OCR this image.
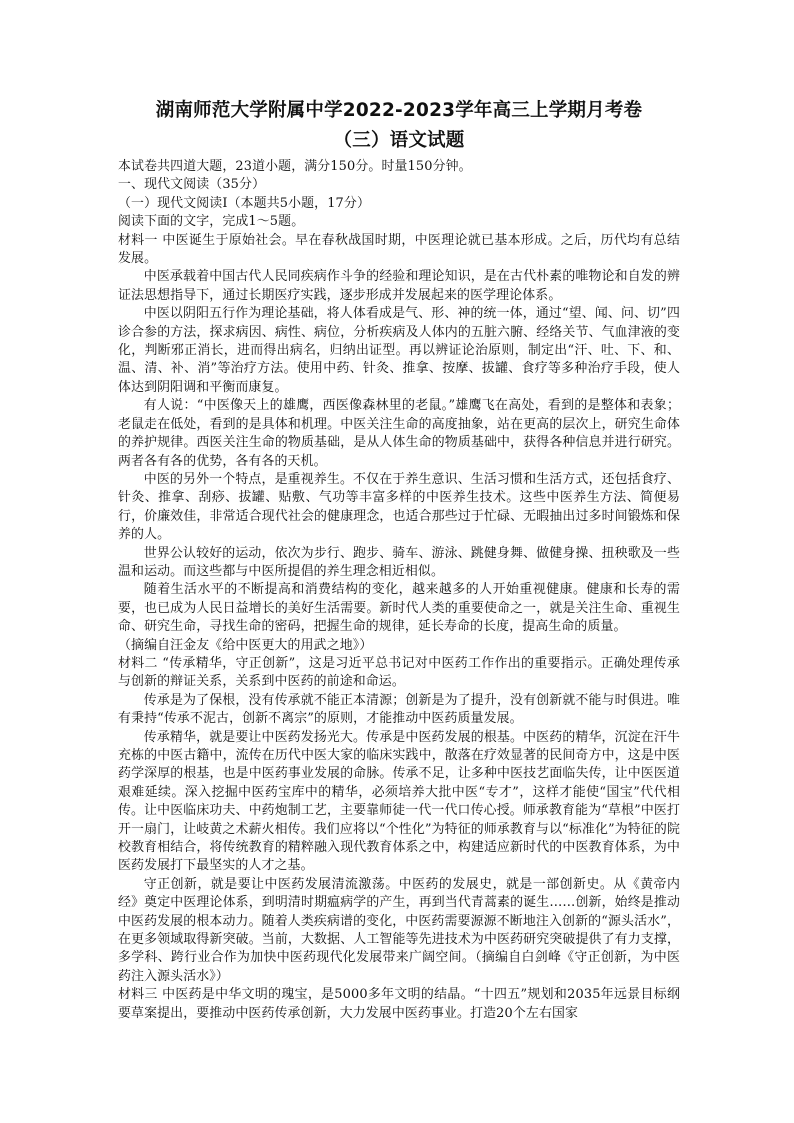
湖南师范大学附属中学2022-2023学年高三上学期月考卷
（三）语文试题

本试卷共四道大题，23道小题，满分150分。时量150分钟。

一、现代文阅读（35分）

（一）现代文阅读Ⅰ（本题共5小题，17分）

阅读下面的文字，完成1～5题。

材料一 中医诞生于原始社会。早在春秋战国时期，中医理论就已基本形成。之后，历代均有总结发展。

中医承载着中国古代人民同疾病作斗争的经验和理论知识，是在古代朴素的唯物论和自发的辨证法思想指导下，通过长期医疗实践，逐步形成并发展起来的医学理论体系。

中医以阴阳五行作为理论基础，将人体看成是气、形、神的统一体，通过“望、闻、问、切”四诊合参的方法，探求病因、病性、病位，分析疾病及人体内的五脏六腑、经络关节、气血津液的变化，判断邪正消长，进而得出病名，归纳出证型。再以辨证论治原则，制定出“汗、吐、下、和、温、清、补、消”等治疗方法。使用中药、针灸、推拿、按摩、拔罐、食疗等多种治疗手段，使人体达到阴阳调和平衡而康复。

有人说：“中医像天上的雄鹰，西医像森林里的老鼠。”雄鹰飞在高处，看到的是整体和表象；老鼠走在低处，看到的是具体和机理。中医关注生命的高度抽象，站在更高的层次上，研究生命体的养护规律。西医关注生命的物质基础，是从人体生命的物质基础中，获得各种信息并进行研究。两者各有各的优势，各有各的天机。

中医的另外一个特点，是重视养生。不仅在于养生意识、生活习惯和生活方式，还包括食疗、针灸、推拿、刮痧、拔罐、贴敷、气功等丰富多样的中医养生技术。这些中医养生方法、简便易行，价廉效佳，非常适合现代社会的健康理念，也适合那些过于忙碌、无暇抽出过多时间锻炼和保养的人。

世界公认较好的运动，依次为步行、跑步、骑车、游泳、跳健身舞、做健身操、扭秧歌及一些温和运动。而这些都与中医所提倡的养生理念相近相似。

随着生活水平的不断提高和消费结构的变化，越来越多的人开始重视健康。健康和长寿的需要，也已成为人民日益增长的美好生活需要。新时代人类的重要使命之一，就是关注生命、重视生命、研究生命，寻找生命的密码，把握生命的规律，延长寿命的长度，提高生命的质量。

（摘编自汪金友《给中医更大的用武之地》）

材料二 “传承精华，守正创新”，这是习近平总书记对中医药工作作出的重要指示。正确处理传承与创新的辩证关系，关系到中医药的前途和命运。

传承是为了保根，没有传承就不能正本清源；创新是为了提升，没有创新就不能与时俱进。唯有秉持“传承不泥古，创新不离宗”的原则，才能推动中医药质量发展。

传承精华，就是要让中医药发扬光大。传承是中医药发展的根基。中医药的精华，沉淀在汗牛充栋的中医古籍中，流传在历代中医大家的临床实践中，散落在疗效显著的民间奇方中，这是中医药学深厚的根基，也是中医药事业发展的命脉。传承不足，让多种中医技艺面临失传，让中医医道艰难延续。深入挖掘中医药宝库中的精华，必须培养大批中医“专才”，这样才能使“国宝”代代相传。让中医临床功夫、中药炮制工艺，主要靠师徒一代一代口传心授。师承教育能为“草根”中医打开一扇门，让岐黄之术薪火相传。我们应将以“个性化”为特征的师承教育与以“标准化”为特征的院校教育相结合，将传统教育的精粹融入现代教育体系之中，构建适应新时代的中医教育体系，为中医药发展打下最坚实的人才之基。

守正创新，就是要让中医药发展清流激荡。中医药的发展史，就是一部创新史。从《黄帝内经》奠定中医理论体系，到明清时期瘟病学的产生，再到当代青蒿素的诞生……创新，始终是推动中医药发展的根本动力。随着人类疾病谱的变化，中医药需要源源不断地注入创新的“源头活水”，在更多领域取得新突破。当前，大数据、人工智能等先进技术为中医药研究突破提供了有力支撑，多学科、跨行业合作为加快中医药现代化发展带来广阔空间。（摘编自白剑峰《守正创新，为中医药注入源头活水》）

材料三 中医药是中华文明的瑰宝，是5000多年文明的结晶。“十四五”规划和2035年远景目标纲要草案提出，要推动中医药传承创新，大力发展中医药事业。打造20个左右国家
